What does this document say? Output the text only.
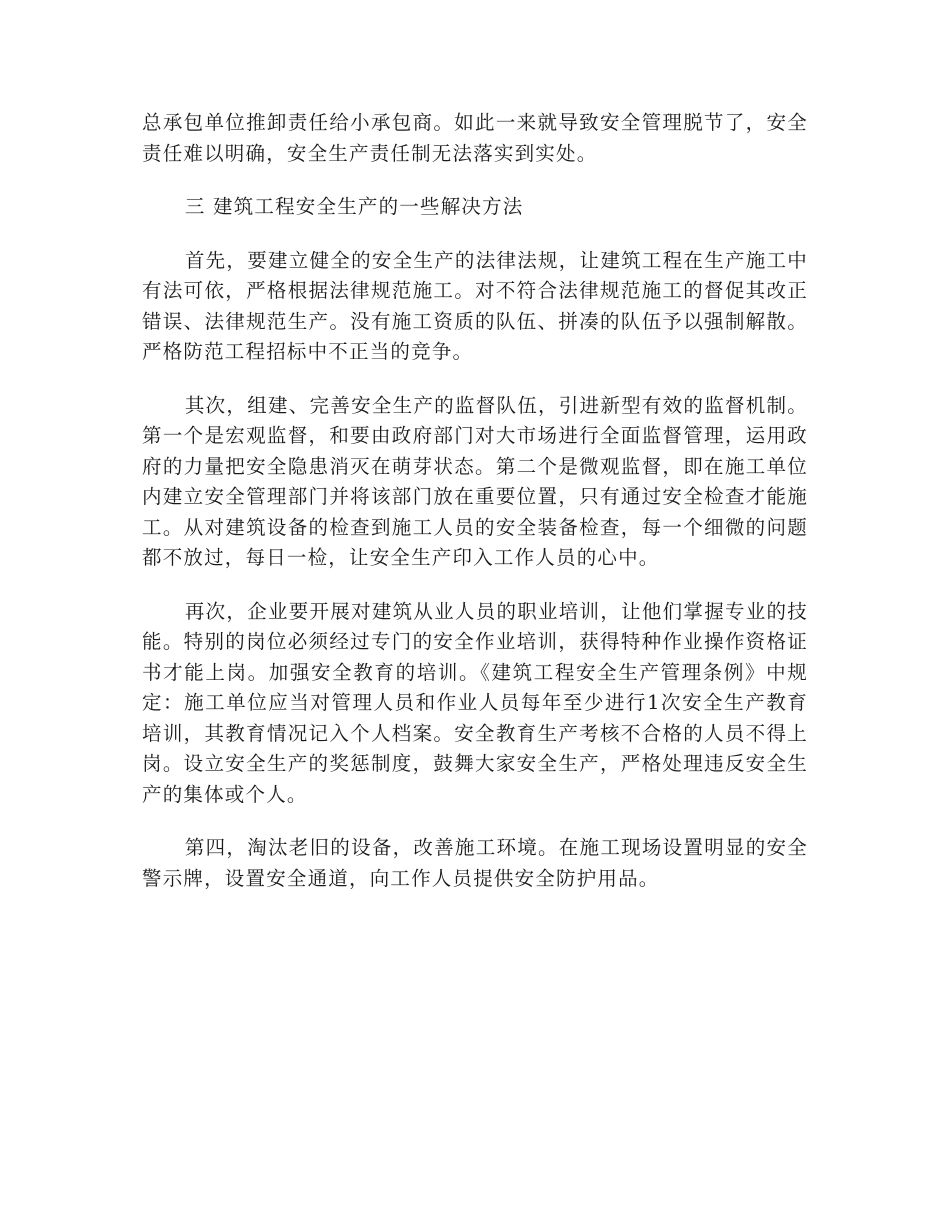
总承包单位推卸责任给小承包商。如此一来就导致安全管理脱节了，安全责任难以明确，安全生产责任制无法落实到实处。

三 建筑工程安全生产的一些解决方法

首先，要建立健全的安全生产的法律法规，让建筑工程在生产施工中有法可依，严格根据法律规范施工。对不符合法律规范施工的督促其改正错误、法律规范生产。没有施工资质的队伍、拼凑的队伍予以强制解散。严格防范工程招标中不正当的竞争。

其次，组建、完善安全生产的监督队伍，引进新型有效的监督机制。第一个是宏观监督，和要由政府部门对大市场进行全面监督管理，运用政府的力量把安全隐患消灭在萌芽状态。第二个是微观监督，即在施工单位内建立安全管理部门并将该部门放在重要位置，只有通过安全检查才能施工。从对建筑设备的检查到施工人员的安全装备检查，每一个细微的问题都不放过，每日一检，让安全生产印入工作人员的心中。

再次，企业要开展对建筑从业人员的职业培训，让他们掌握专业的技能。特别的岗位必须经过专门的安全作业培训，获得特种作业操作资格证书才能上岗。加强安全教育的培训。《建筑工程安全生产管理条例》中规定：施工单位应当对管理人员和作业人员每年至少进行1次安全生产教育培训，其教育情况记入个人档案。安全教育生产考核不合格的人员不得上岗。设立安全生产的奖惩制度，鼓舞大家安全生产，严格处理违反安全生产的集体或个人。

第四，淘汰老旧的设备，改善施工环境。在施工现场设置明显的安全警示牌，设置安全通道，向工作人员提供安全防护用品。
